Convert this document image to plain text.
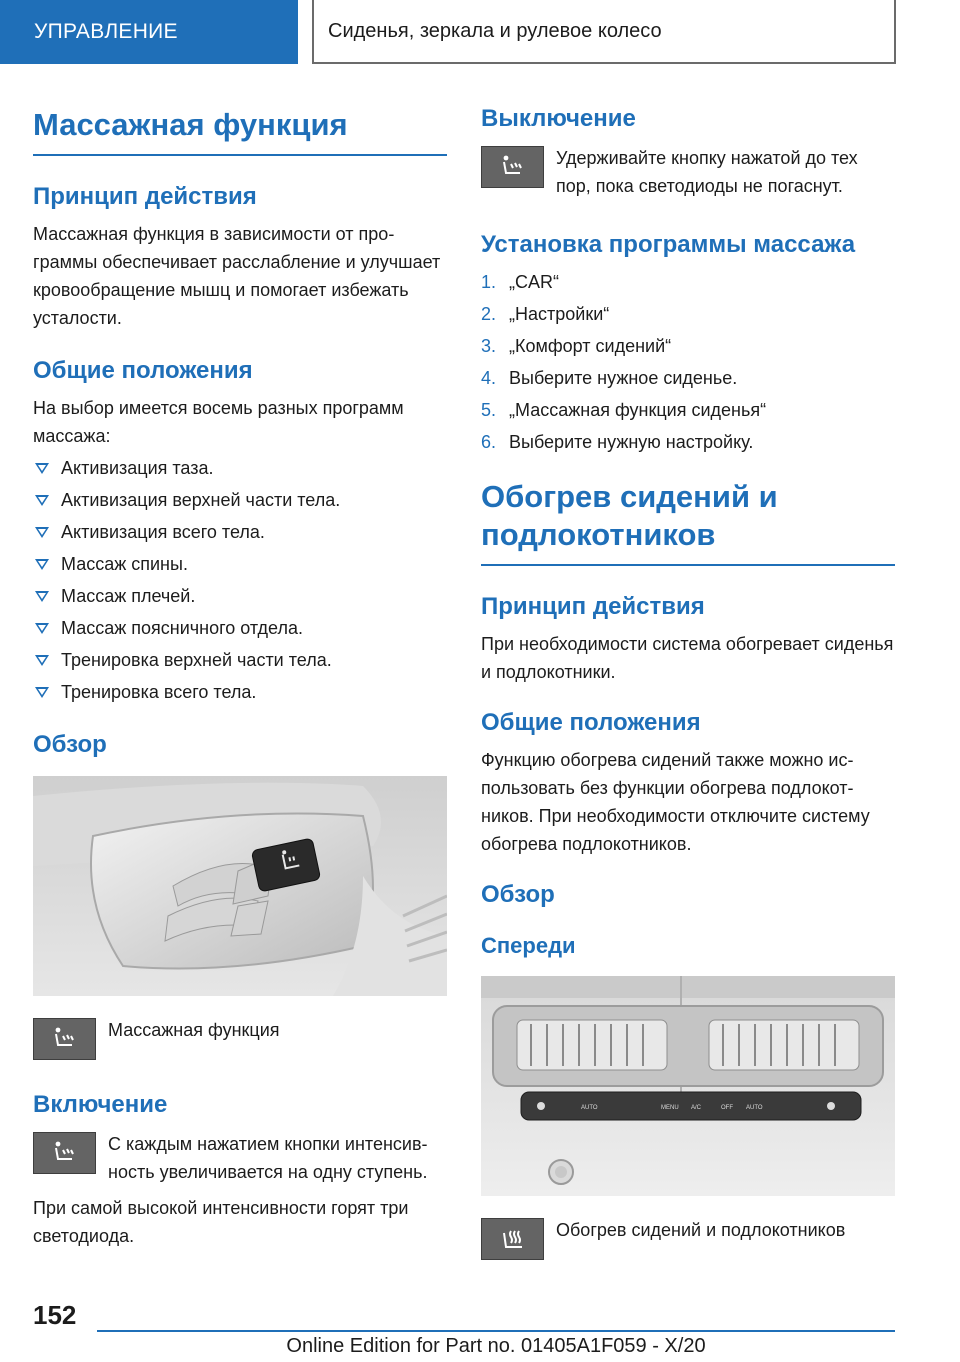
УПРАВЛЕНИЕ	Сиденья, зеркала и рулевое колесо
Массажная функция
Принцип действия

Массажная функция в зависимости от программы обеспечивает расслабление и улучшает кровообращение мышц и помогает избежать усталости.

Общие положения

На выбор имеется восемь разных программ массажа:

Активизация таза.
Активизация верхней части тела.
Активизация всего тела.
Массаж спины.
Массаж плечей.
Массаж поясничного отдела.
Тренировка верхней части тела.
Тренировка всего тела.
Обзор
Массажная функция
Включение
С каждым нажатием кнопки интенсивность увеличивается на одну ступень.

При самой высокой интенсивности горят три светодиода.

Выключение
Удерживайте кнопку нажатой до тех пор, пока светодиоды не погаснут.
Установка программы массажа
1. „CAR“
2. „Настройки“
3. „Комфорт сидений“
4. Выберите нужное сиденье.
5. „Массажная функция сиденья“
6. Выберите нужную настройку.
Обогрев сидений и подлокотников
Принцип действия

При необходимости система обогревает сиденья и подлокотники.

Общие положения

Функцию обогрева сидений также можно использовать без функции обогрева подлокотников. При необходимости отключите систему обогрева подлокотников.

Обзор
Спереди
AUTO	MENU A/C	OFF AUTO
Обогрев сидений и подлокотников
152
Online Edition for Part no. 01405A1F059 - X/20
